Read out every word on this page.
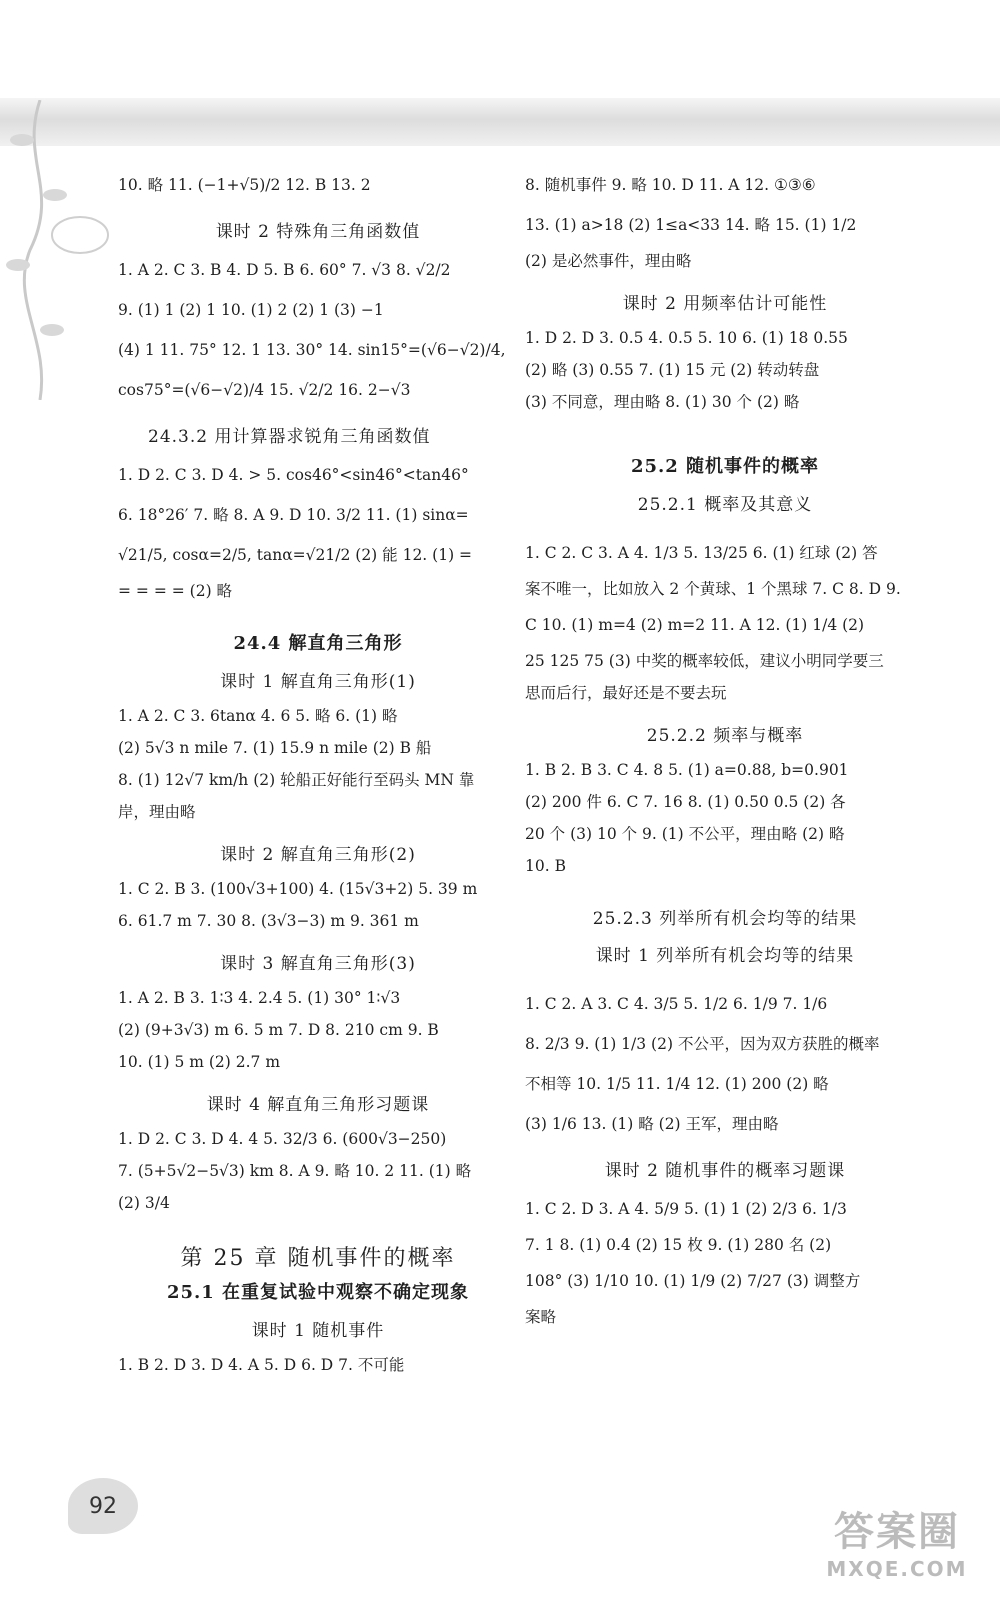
10. 略 11. (−1+√5)/2 12. B 13. 2

课时 2 特殊角三角函数值

1. A 2. C 3. B 4. D 5. B 6. 60° 7. √3 8. √2/2

9. (1) 1 (2) 1 10. (1) 2 (2) 1 (3) −1

(4) 1 11. 75° 12. 1 13. 30° 14. sin15°=(√6−√2)/4,

cos75°=(√6−√2)/4 15. √2/2 16. 2−√3

24.3.2 用计算器求锐角三角函数值

1. D 2. C 3. D 4. > 5. cos46°<sin46°<tan46°

6. 18°26′ 7. 略 8. A 9. D 10. 3/2 11. (1) sinα=

√21/5, cosα=2/5, tanα=√21/2 (2) 能 12. (1) =

= = = = (2) 略

24.4 解直角三角形

课时 1 解直角三角形(1)

1. A 2. C 3. 6tanα 4. 6 5. 略 6. (1) 略

(2) 5√3 n mile 7. (1) 15.9 n mile (2) B 船

8. (1) 12√7 km/h (2) 轮船正好能行至码头 MN 靠

岸，理由略

课时 2 解直角三角形(2)

1. C 2. B 3. (100√3+100) 4. (15√3+2) 5. 39 m

6. 61.7 m 7. 30 8. (3√3−3) m 9. 361 m

课时 3 解直角三角形(3)

1. A 2. B 3. 1∶3 4. 2.4 5. (1) 30° 1∶√3

(2) (9+3√3) m 6. 5 m 7. D 8. 210 cm 9. B

10. (1) 5 m (2) 2.7 m

课时 4 解直角三角形习题课

1. D 2. C 3. D 4. 4 5. 32/3 6. (600√3−250)

7. (5+5√2−5√3) km 8. A 9. 略 10. 2 11. (1) 略

(2) 3/4

第 25 章 随机事件的概率

25.1 在重复试验中观察不确定现象

课时 1 随机事件

1. B 2. D 3. D 4. A 5. D 6. D 7. 不可能

8. 随机事件 9. 略 10. D 11. A 12. ①③⑥

13. (1) a>18 (2) 1≤a<33 14. 略 15. (1) 1/2

(2) 是必然事件，理由略

课时 2 用频率估计可能性

1. D 2. D 3. 0.5 4. 0.5 5. 10 6. (1) 18 0.55

(2) 略 (3) 0.55 7. (1) 15 元 (2) 转动转盘

(3) 不同意，理由略 8. (1) 30 个 (2) 略

25.2 随机事件的概率

25.2.1 概率及其意义

1. C 2. C 3. A 4. 1/3 5. 13/25 6. (1) 红球 (2) 答

案不唯一，比如放入 2 个黄球、1 个黑球 7. C 8. D 9.

C 10. (1) m=4 (2) m=2 11. A 12. (1) 1/4 (2)

25 125 75 (3) 中奖的概率较低，建议小明同学要三

思而后行，最好还是不要去玩

25.2.2 频率与概率

1. B 2. B 3. C 4. 8 5. (1) a=0.88, b=0.901

(2) 200 件 6. C 7. 16 8. (1) 0.50 0.5 (2) 各

20 个 (3) 10 个 9. (1) 不公平，理由略 (2) 略

10. B

25.2.3 列举所有机会均等的结果

课时 1 列举所有机会均等的结果

1. C 2. A 3. C 4. 3/5 5. 1/2 6. 1/9 7. 1/6

8. 2/3 9. (1) 1/3 (2) 不公平，因为双方获胜的概率

不相等 10. 1/5 11. 1/4 12. (1) 200 (2) 略

(3) 1/6 13. (1) 略 (2) 王军，理由略

课时 2 随机事件的概率习题课

1. C 2. D 3. A 4. 5/9 5. (1) 1 (2) 2/3 6. 1/3

7. 1 8. (1) 0.4 (2) 15 枚 9. (1) 280 名 (2)

108° (3) 1/10 10. (1) 1/9 (2) 7/27 (3) 调整方

案略

92
答案圈
MXQE.COM
